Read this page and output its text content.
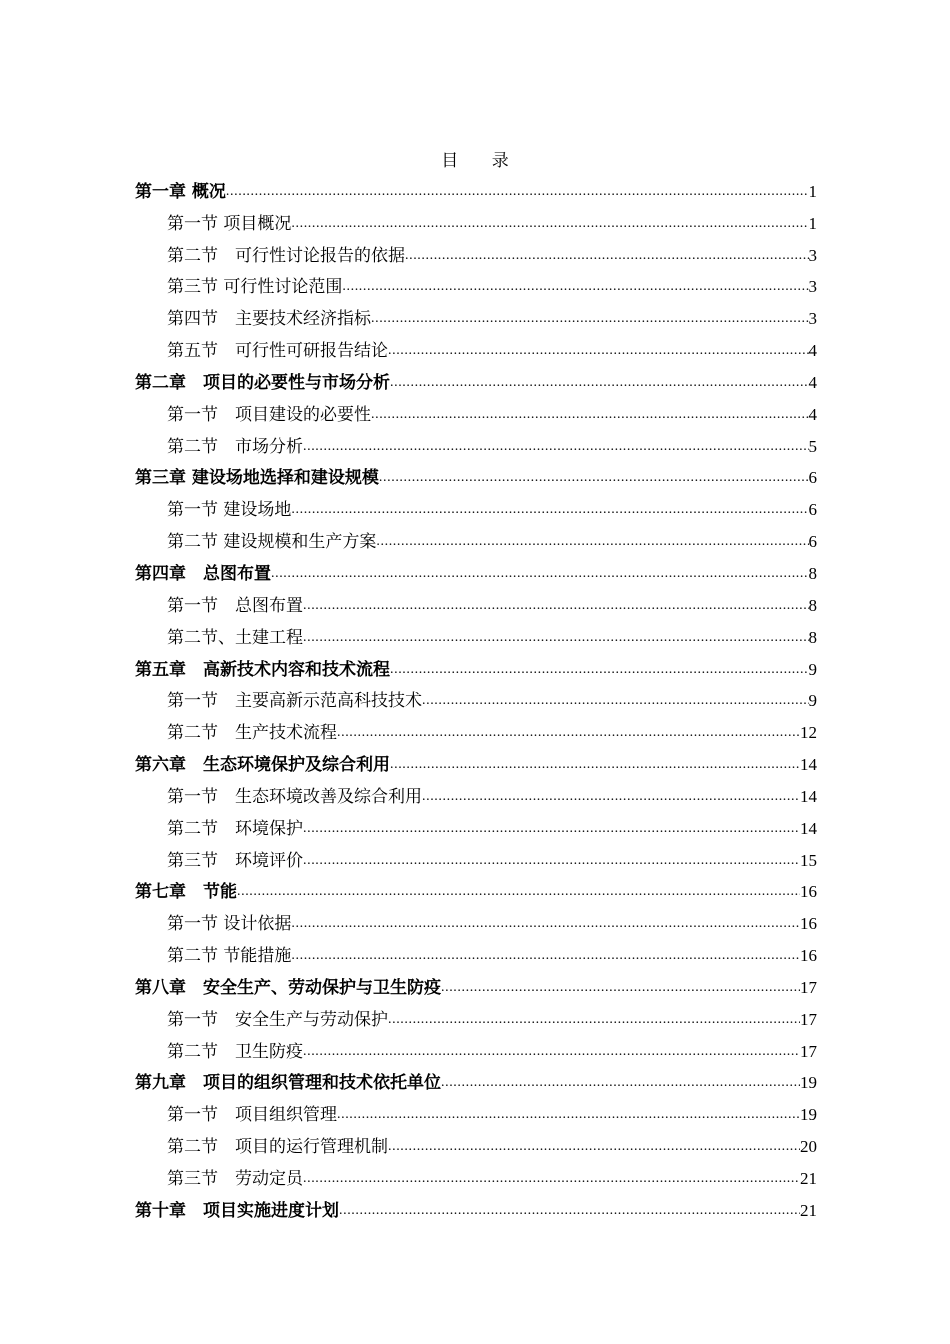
目 录
第一章 概况 .....	1
第一节 项目概况 .....	1
第二节　可行性讨论报告的依据 .....	3
第三节 可行性讨论范围 .....	3
第四节　主要技术经济指标 .....	3
第五节　可行性可研报告结论 .....	4
第二章　项目的必要性与市场分析 .....	4
第一节　项目建设的必要性 .....	4
第二节　市场分析 .....	5
第三章 建设场地选择和建设规模 .....	6
第一节 建设场地 .....	6
第二节 建设规模和生产方案 .....	6
第四章　总图布置 .....	8
第一节　总图布置 .....	8
第二节、土建工程 .....	8
第五章　高新技术内容和技术流程 .....	9
第一节　主要高新示范高科技技术 .....	9
第二节　生产技术流程 .....	12
第六章　生态环境保护及综合利用 .....	14
第一节　生态环境改善及综合利用 .....	14
第二节　环境保护 .....	14
第三节　环境评价 .....	15
第七章　节能 .....	16
第一节 设计依据 .....	16
第二节 节能措施 .....	16
第八章　安全生产、劳动保护与卫生防疫 .....	17
第一节　安全生产与劳动保护 .....	17
第二节　卫生防疫 .....	17
第九章　项目的组织管理和技术依托单位 .....	19
第一节　项目组织管理 .....	19
第二节　项目的运行管理机制 .....	20
第三节　劳动定员 .....	21
第十章　项目实施进度计划 .....	21
